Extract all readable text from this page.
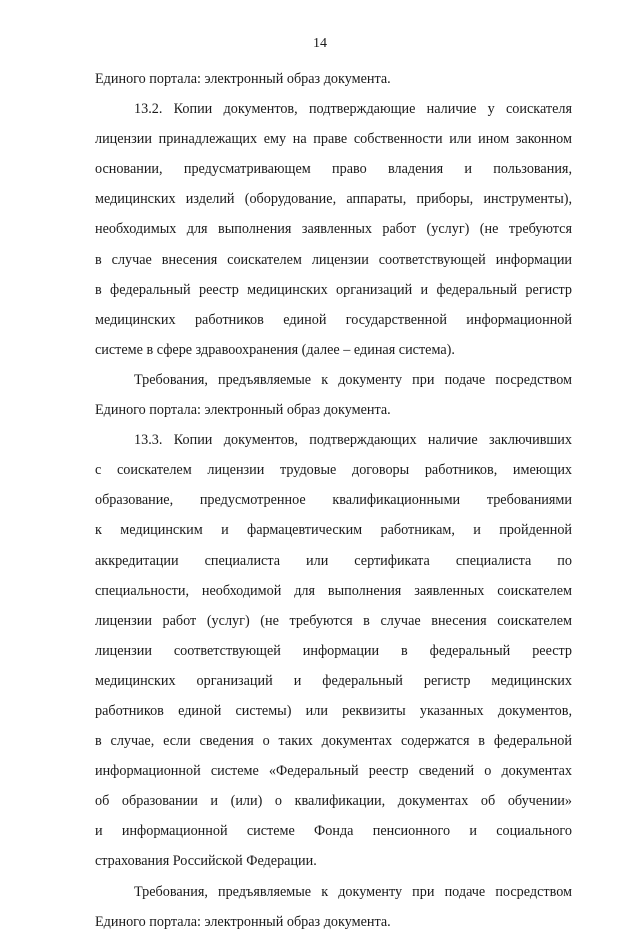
14
Единого портала: электронный образ документа.
13.2. Копии документов, подтверждающие наличие у соискателя
лицензии принадлежащих ему на праве собственности или ином законном
основании, предусматривающем право владения и пользования,
медицинских изделий (оборудование, аппараты, приборы, инструменты),
необходимых для выполнения заявленных работ (услуг) (не требуются
в случае внесения соискателем лицензии соответствующей информации
в федеральный реестр медицинских организаций и федеральный регистр
медицинских работников единой государственной информационной
системе в сфере здравоохранения (далее – единая система).
Требования, предъявляемые к документу при подаче посредством
Единого портала: электронный образ документа.
13.3. Копии документов, подтверждающих наличие заключивших
с соискателем лицензии трудовые договоры работников, имеющих
образование, предусмотренное квалификационными требованиями
к медицинским и фармацевтическим работникам, и пройденной
аккредитации специалиста или сертификата специалиста по
специальности, необходимой для выполнения заявленных соискателем
лицензии работ (услуг) (не требуются в случае внесения соискателем
лицензии соответствующей информации в федеральный реестр
медицинских организаций и федеральный регистр медицинских
работников единой системы) или реквизиты указанных документов,
в случае, если сведения о таких документах содержатся в федеральной
информационной системе «Федеральный реестр сведений о документах
об образовании и (или) о квалификации, документах об обучении»
и информационной системе Фонда пенсионного и социального
страхования Российской Федерации.
Требования, предъявляемые к документу при подаче посредством
Единого портала: электронный образ документа.
